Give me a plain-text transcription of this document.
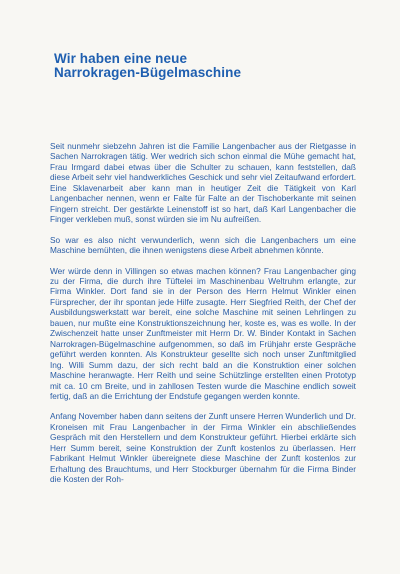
Wir haben eine neue
Narrokragen-Bügelmaschine

Seit nunmehr siebzehn Jahren ist die Familie Langenbacher aus der Rietgasse in Sachen Narrokragen tätig. Wer wedrich sich schon einmal die Mühe gemacht hat, Frau Irmgard dabei etwas über die Schulter zu schauen, kann feststellen, daß diese Arbeit sehr viel handwerkliches Geschick und sehr viel Zeitaufwand erfordert. Eine Sklavenarbeit aber kann man in heutiger Zeit die Tätigkeit von Karl Langenbacher nennen, wenn er Falte für Falte an der Tischoberkante mit seinen Fingern streicht. Der gestärkte Leinenstoff ist so hart, daß Karl Langenbacher die Finger verkleben muß, sonst würden sie im Nu aufreißen.

So war es also nicht verwunderlich, wenn sich die Langenbachers um eine Maschine bemühten, die ihnen wenigstens diese Arbeit abnehmen könnte.

Wer würde denn in Villingen so etwas machen können? Frau Langenbacher ging zu der Firma, die durch ihre Tüftelei im Maschinenbau Weltruhm erlangte, zur Firma Winkler. Dort fand sie in der Person des Herrn Helmut Winkler einen Fürsprecher, der ihr spontan jede Hilfe zusagte. Herr Siegfried Reith, der Chef der Ausbildungswerkstatt war bereit, eine solche Maschine mit seinen Lehrlingen zu bauen, nur mußte eine Konstruktionszeichnung her, koste es, was es wolle. In der Zwischenzeit hatte unser Zunftmeister mit Herrn Dr. W. Binder Kontakt in Sachen Narrokragen-Bügelmaschine aufgenommen, so daß im Frühjahr erste Gespräche geführt werden konnten. Als Konstrukteur gesellte sich noch unser Zunftmitglied Ing. Willi Summ dazu, der sich recht bald an die Konstruktion einer solchen Maschine heranwagte. Herr Reith und seine Schützlinge erstellten einen Prototyp mit ca. 10 cm Breite, und in zahllosen Testen wurde die Maschine endlich soweit fertig, daß an die Errichtung der Endstufe gegangen werden konnte.

Anfang November haben dann seitens der Zunft unsere Herren Wunderlich und Dr. Kroneisen mit Frau Langenbacher in der Firma Winkler ein abschließendes Gespräch mit den Herstellern und dem Konstrukteur geführt. Hierbei erklärte sich Herr Summ bereit, seine Konstruktion der Zunft kostenlos zu überlassen. Herr Fabrikant Helmut Winkler übereignete diese Maschine der Zunft kostenlos zur Erhaltung des Brauchtums, und Herr Stockburger übernahm für die Firma Binder die Kosten der Roh-
